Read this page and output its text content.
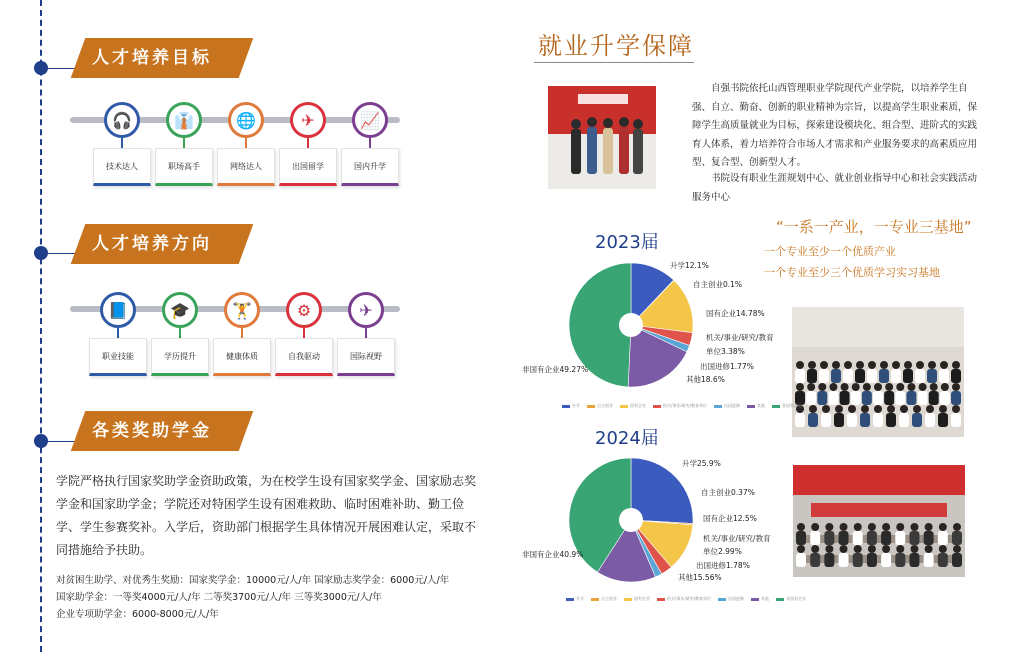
人才培养目标
🎧
技术达人
👔
职场高手
🌐
网络达人
✈
出国留学
📈
国内升学
人才培养方向
📘
职业技能
🎓
学历提升
🏋
健康体质
⚙
自我驱动
✈
国际视野
各类奖助学金
学院严格执行国家奖助学金资助政策，为在校学生设有国家奖学金、国家励志奖学金和国家助学金；学院还对特困学生设有困难救助、临时困难补助、勤工俭学、学生参赛奖补。入学后，资助部门根据学生具体情况开展困难认定，采取不同措施给予扶助。
对贫困生助学、对优秀生奖励：国家奖学金：10000元/人/年 国家励志奖学金：6000元/人/年
国家助学金：一等奖4000元/人/年 二等奖3700元/人/年 三等奖3000元/人/年
企业专项助学金：6000-8000元/人/年
就业升学保障
自强书院依托山西管理职业学院现代产业学院，以培养学生自强、自立、勤奋、创新的职业精神为宗旨，以提高学生职业素质，保障学生高质量就业为目标，探索建设模块化、组合型、进阶式的实践育人体系，着力培养符合市场人才需求和产业服务要求的高素质应用型、复合型、创新型人才。
书院设有职业生涯规划中心、就业创业指导中心和社会实践活动服务中心
“一系一产业，一专业三基地”
一个专业至少一个优质产业
一个专业至少三个优质学习实习基地
2023届
升学12.1%
自主创业0.1%
国有企业14.78%
机关/事业/研究/教育
单位3.38%
出国进修1.77%
其他18.6%
非国有企业49.27%
升学	自主创业	国有企业	机关/事业/研究/教育单位	出国进修	其他	非国有企业
2024届
升学25.9%
自主创业0.37%
国有企业12.5%
机关/事业/研究/教育
单位2.99%
出国进修1.78%
其他15.56%
非国有企业40.9%
升学	自主创业	国有企业	机关/事业/研究/教育单位	出国进修	其他	非国有企业
